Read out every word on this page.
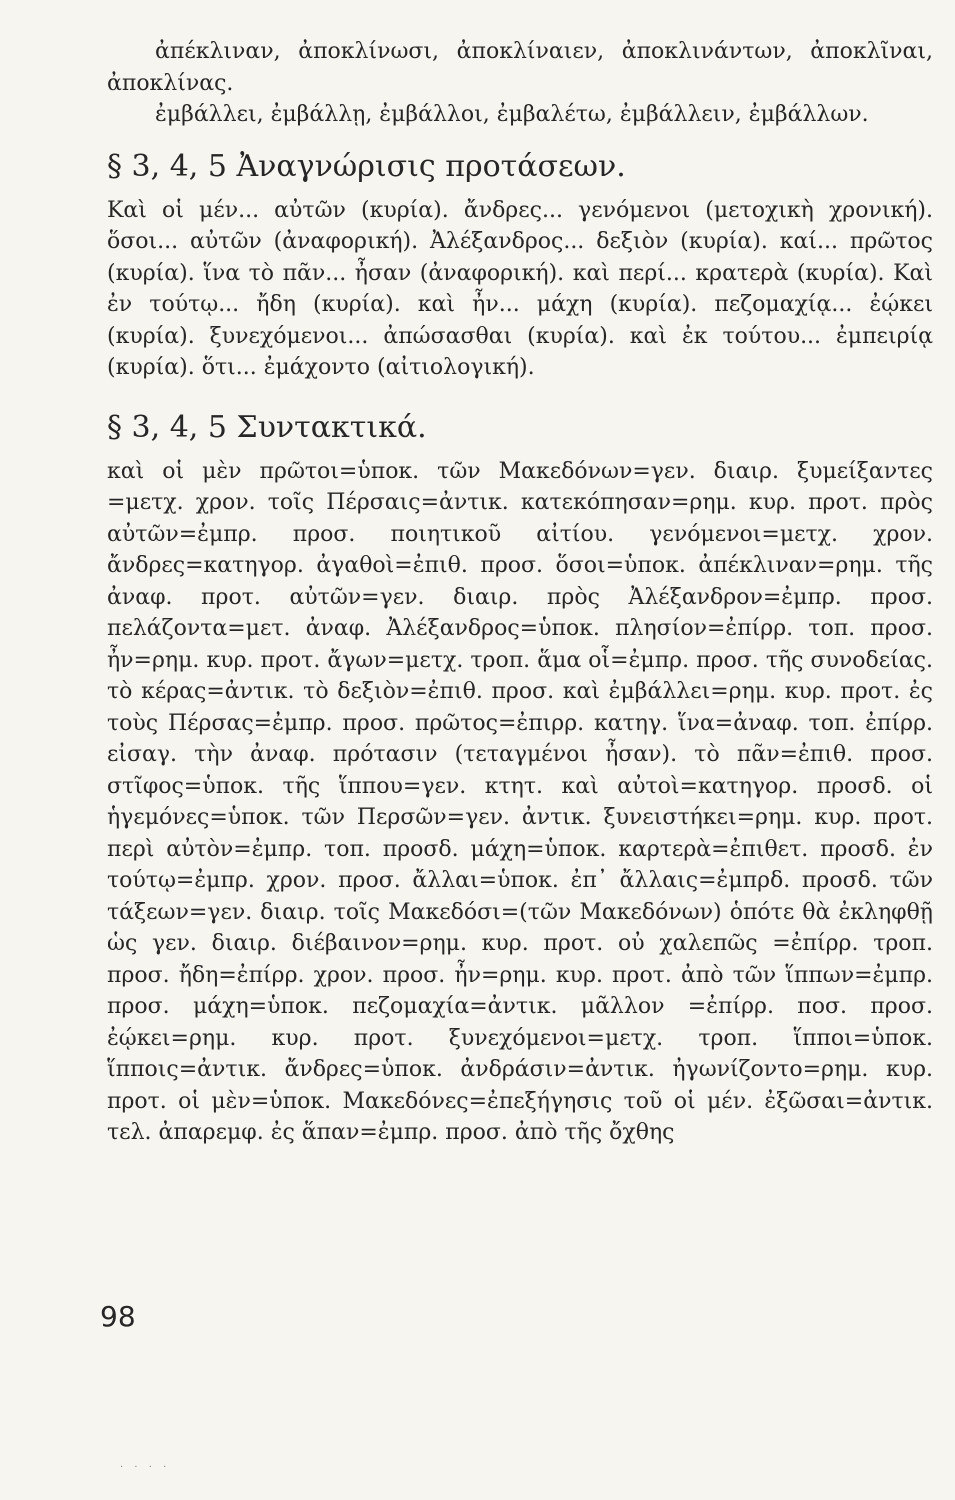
ἀπέκλιναν, ἀποκλίνωσι, ἀποκλίναιεν, ἀποκλινάντων, ἀποκλῖναι, ἀποκλίνας.

ἐμβάλλει, ἐμβάλλῃ, ἐμβάλλοι, ἐμβαλέτω, ἐμβάλλειν, ἐμβάλλων.

§ 3, 4, 5 Ἀναγνώρισις προτάσεων.

Καὶ οἱ μέν... αὐτῶν (κυρία). ἄνδρες... γενόμενοι (μετοχικὴ χρονική). ὅσοι... αὐτῶν (ἀναφορική). Ἀλέξανδρος... δεξιὸν (κυρία). καί... πρῶτος (κυρία). ἵνα τὸ πᾶν... ἦσαν (ἀναφορική). καὶ περί... κρατερὰ (κυρία). Καὶ ἐν τούτῳ... ἤδη (κυρία). καὶ ἦν... μάχη (κυρία). πεζομαχίᾳ... ἐῴκει (κυρία). ξυνεχόμενοι... ἀπώσασθαι (κυρία). καὶ ἐκ τούτου... ἐμπειρίᾳ (κυρία). ὅτι... ἐμάχοντο (αἰτιολογική).

§ 3, 4, 5 Συντακτικά.

καὶ οἱ μὲν πρῶτοι=ὑποκ. τῶν Μακεδόνων=γεν. διαιρ. ξυμείξαντες =μετχ. χρον. τοῖς Πέρσαις=ἀντικ. κατεκόπησαν=ρημ. κυρ. προτ. πρὸς αὐτῶν=ἐμπρ. προσ. ποιητικοῦ αἰτίου. γενόμενοι=μετχ. χρον. ἄνδρες=κατηγορ. ἀγαθοὶ=ἐπιθ. προσ. ὅσοι=ὑποκ. ἀπέκλιναν=ρημ. τῆς ἀναφ. προτ. αὐτῶν=γεν. διαιρ. πρὸς Ἀλέξανδρον=ἐμπρ. προσ. πελάζοντα=μετ. ἀναφ. Ἀλέξανδρος=ὑποκ. πλησίον=ἐπίρρ. τοπ. προσ. ἦν=ρημ. κυρ. προτ. ἄγων=μετχ. τροπ. ἅμα οἷ=ἐμπρ. προσ. τῆς συνοδείας. τὸ κέρας=ἀντικ. τὸ δεξιὸν=ἐπιθ. προσ. καὶ ἐμβάλλει=ρημ. κυρ. προτ. ἐς τοὺς Πέρσας=ἐμπρ. προσ. πρῶτος=ἐπιρρ. κατηγ. ἵνα=ἀναφ. τοπ. ἐπίρρ. εἰσαγ. τὴν ἀναφ. πρότασιν (τεταγμένοι ἦσαν). τὸ πᾶν=ἐπιθ. προσ. στῖφος=ὑποκ. τῆς ἵππου=γεν. κτητ. καὶ αὐτοὶ=κατηγορ. προσδ. οἱ ἡγεμόνες=ὑποκ. τῶν Περσῶν=γεν. ἀντικ. ξυνειστήκει=ρημ. κυρ. προτ. περὶ αὐτὸν=ἐμπρ. τοπ. προσδ. μάχη=ὑποκ. καρτερὰ=ἐπιθετ. προσδ. ἐν τούτῳ=ἐμπρ. χρον. προσ. ἄλλαι=ὑποκ. ἐπ᾽ ἄλλαις=ἐμπρδ. προσδ. τῶν τάξεων=γεν. διαιρ. τοῖς Μακεδόσι=(τῶν Μακεδόνων) ὁπότε θὰ ἐκληφθῇ ὡς γεν. διαιρ. διέβαινον=ρημ. κυρ. προτ. οὐ χαλεπῶς =ἐπίρρ. τροπ. προσ. ἤδη=ἐπίρρ. χρον. προσ. ἦν=ρημ. κυρ. προτ. ἀπὸ τῶν ἵππων=ἐμπρ. προσ. μάχη=ὑποκ. πεζομαχία=ἀντικ. μᾶλλον =ἐπίρρ. ποσ. προσ. ἐῴκει=ρημ. κυρ. προτ. ξυνεχόμενοι=μετχ. τροπ. ἵπποι=ὑποκ. ἵπποις=ἀντικ. ἄνδρες=ὑποκ. ἀνδράσιν=ἀντικ. ἠγωνίζοντο=ρημ. κυρ. προτ. οἱ μὲν=ὑποκ. Μακεδόνες=ἐπεξήγησις τοῦ οἱ μέν. ἐξῶσαι=ἀντικ. τελ. ἀπαρεμφ. ἐς ἅπαν=ἐμπρ. προσ. ἀπὸ τῆς ὄχθης

98
· · · ·
